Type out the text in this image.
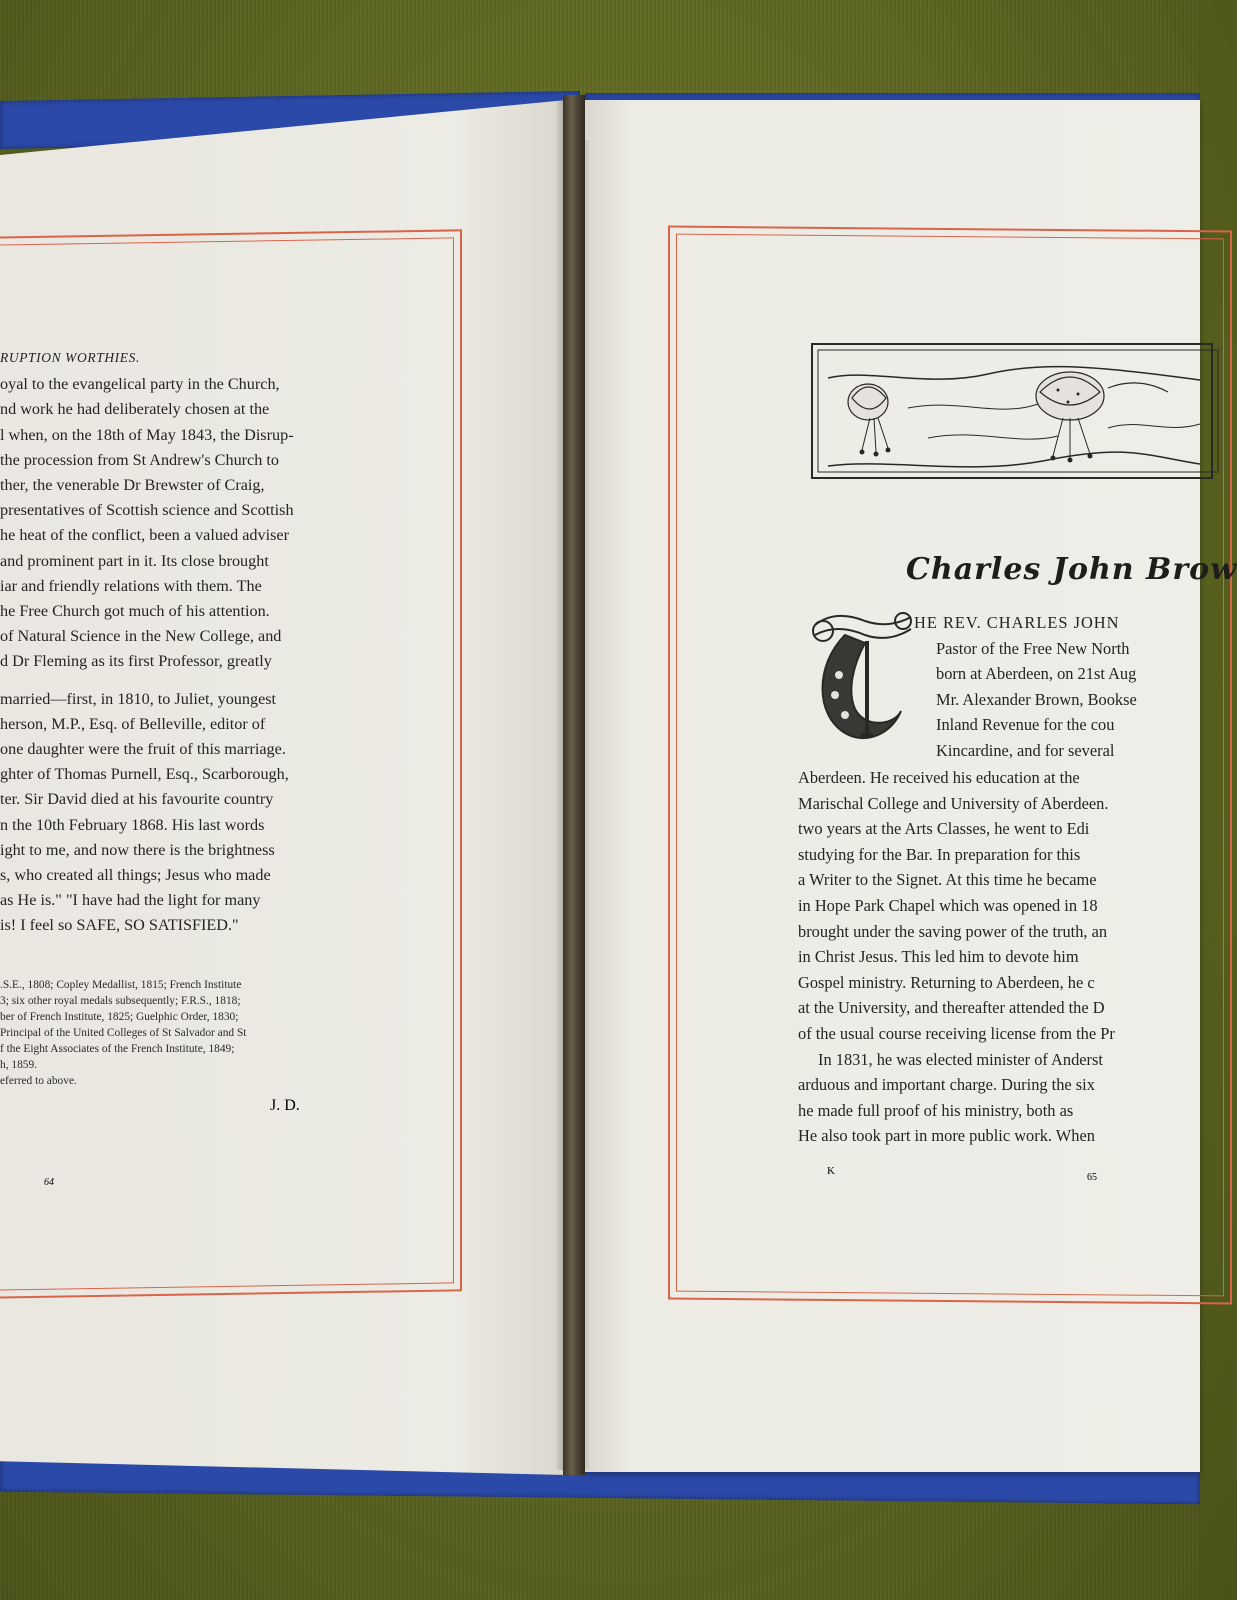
RUPTION WORTHIES.
oyal to the evangelical party in the Church,
nd work he had deliberately chosen at the
l when, on the 18th of May 1843, the Disrup-
the procession from St Andrew's Church to
ther, the venerable Dr Brewster of Craig,
presentatives of Scottish science and Scottish
he heat of the conflict, been a valued adviser
and prominent part in it. Its close brought
iar and friendly relations with them. The
he Free Church got much of his attention.
of Natural Science in the New College, and
d Dr Fleming as its first Professor, greatly
married—first, in 1810, to Juliet, youngest
herson, M.P., Esq. of Belleville, editor of
one daughter were the fruit of this marriage.
ghter of Thomas Purnell, Esq., Scarborough,
ter. Sir David died at his favourite country
n the 10th February 1868. His last words
ight to me, and now there is the brightness
s, who created all things; Jesus who made
as He is." "I have had the light for many
is! I feel so SAFE, SO SATISFIED."
.S.E., 1808; Copley Medallist, 1815; French Institute
3; six other royal medals subsequently; F.R.S., 1818;
ber of French Institute, 1825; Guelphic Order, 1830;
Principal of the United Colleges of St Salvador and St
f the Eight Associates of the French Institute, 1849;
h, 1859.
eferred to above.
J. D.
64
Charles John Brow
HE REV. CHARLES JOHN
Pastor of the Free New North
born at Aberdeen, on 21st Aug
Mr. Alexander Brown, Bookse
Inland Revenue for the cou
Kincardine, and for several
Aberdeen. He received his education at the
Marischal College and University of Aberdeen.
two years at the Arts Classes, he went to Edi
studying for the Bar. In preparation for this
a Writer to the Signet. At this time he became
in Hope Park Chapel which was opened in 18
brought under the saving power of the truth, an
in Christ Jesus. This led him to devote him
Gospel ministry. Returning to Aberdeen, he c
at the University, and thereafter attended the D
of the usual course receiving license from the Pr
In 1831, he was elected minister of Anderst
arduous and important charge. During the six
he made full proof of his ministry, both as
He also took part in more public work. When
K
65
